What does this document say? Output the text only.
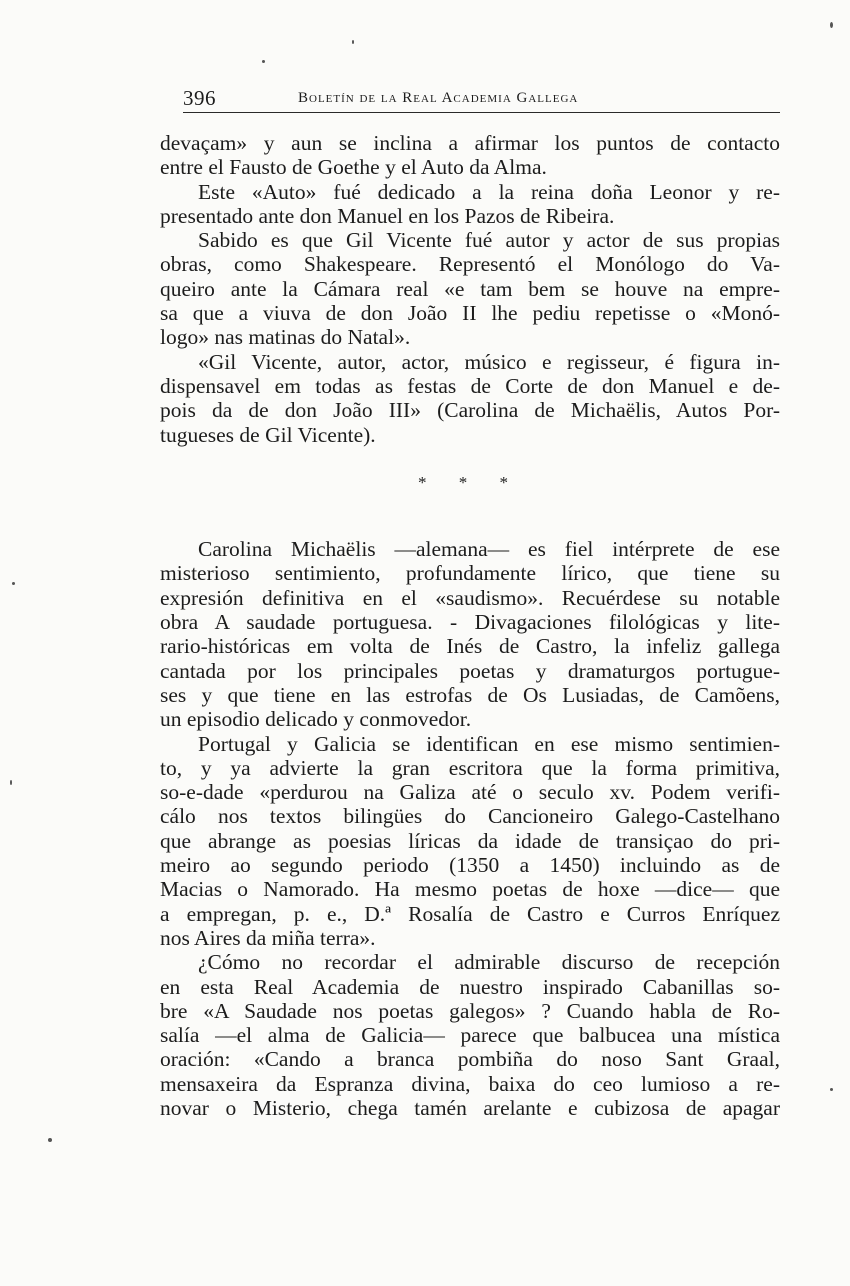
396	Boletín de la Real Academia Gallega
devaçam» y aun se inclina a afirmar los puntos de contacto
entre el Fausto de Goethe y el Auto da Alma.
Este «Auto» fué dedicado a la reina doña Leonor y re-
presentado ante don Manuel en los Pazos de Ribeira.
Sabido es que Gil Vicente fué autor y actor de sus propias
obras, como Shakespeare. Representó el Monólogo do Va-
queiro ante la Cámara real «e tam bem se houve na empre-
sa que a viuva de don João II lhe pediu repetisse o «Monó-
logo» nas matinas do Natal».
«Gil Vicente, autor, actor, músico e regisseur, é figura in-
dispensavel em todas as festas de Corte de don Manuel e de-
pois da de don João III» (Carolina de Michaëlis, Autos Por-
tugueses de Gil Vicente).
* * *
Carolina Michaëlis —alemana— es fiel intérprete de ese
misterioso sentimiento, profundamente lírico, que tiene su
expresión definitiva en el «saudismo». Recuérdese su notable
obra A saudade portuguesa. - Divagaciones filológicas y lite-
rario-históricas em volta de Inés de Castro, la infeliz gallega
cantada por los principales poetas y dramaturgos portugue-
ses y que tiene en las estrofas de Os Lusiadas, de Camõens,
un episodio delicado y conmovedor.
Portugal y Galicia se identifican en ese mismo sentimien-
to, y ya advierte la gran escritora que la forma primitiva,
so-e-dade «perdurou na Galiza até o seculo xv. Podem verifi-
cálo nos textos bilingües do Cancioneiro Galego-Castelhano
que abrange as poesias líricas da idade de transiçao do pri-
meiro ao segundo periodo (1350 a 1450) incluindo as de
Macias o Namorado. Ha mesmo poetas de hoxe —dice— que
a empregan, p. e., D.ª Rosalía de Castro e Curros Enríquez
nos Aires da miña terra».
¿Cómo no recordar el admirable discurso de recepción
en esta Real Academia de nuestro inspirado Cabanillas so-
bre «A Saudade nos poetas galegos» ? Cuando habla de Ro-
salía —el alma de Galicia— parece que balbucea una mística
oración: «Cando a branca pombiña do noso Sant Graal,
mensaxeira da Espranza divina, baixa do ceo lumioso a re-
novar o Misterio, chega tamén arelante e cubizosa de apagar
